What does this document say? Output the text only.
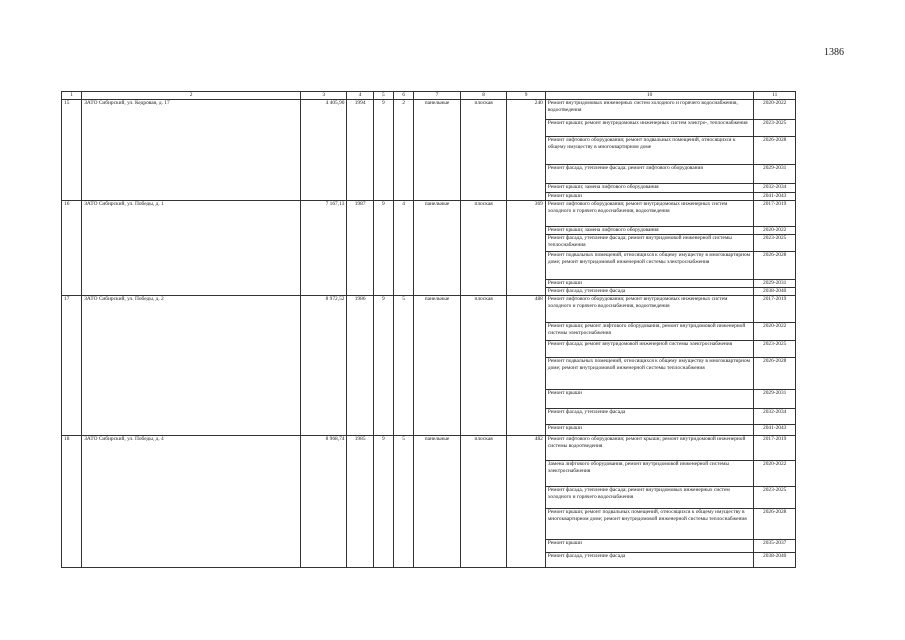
1386
1	2	3	4	5	6	7	8	9	10	11
15	ЗАТО Сибирский, ул. Кедровая, д. 17	4 405,90	1994	9	2	панельные	плоская	240	Ремонт внутридомовых инженерных систем холодного и горячего водоснабжения, водоотведения	2020-2022
									Ремонт крыши; ремонт внутридомовых инженерных систем электро-, теплоснабжения	2023-2025
									Ремонт лифтового оборудования; ремонт подвальных помещений, относящихся к общему имуществу в многоквартирном доме	2026-2028
									Ремонт фасада, утепление фасада; ремонт лифтового оборудования	2029-2031
									Ремонт крыши; замена лифтового оборудования	2032-2034
									Ремонт крыши	2041-2043
16	ЗАТО Сибирский, ул. Победы, д. 1	7 167,13	1987	9	4	панельные	плоская	369	Ремонт лифтового оборудования; ремонт внутридомовых инженерных систем холодного и горячего водоснабжения, водоотведения	2017-2019
									Ремонт крыши; замена лифтового оборудования	2020-2022
									Ремонт фасада, утепление фасада; ремонт внутридомовой инженерной системы теплоснабжения	2023-2025
									Ремонт подвальных помещений, относящихся к общему имуществу в многоквартирном доме; ремонт внутридомовой инженерной системы электроснабжения	2026-2028
									Ремонт крыши	2029-2031
									Ремонт фасада, утепление фасада	2038-2040
17	ЗАТО Сибирский, ул. Победы, д. 2	8 972,52	1986	9	5	панельные	плоская	488	Ремонт лифтового оборудования; ремонт внутридомовых инженерных систем холодного и горячего водоснабжения, водоотведения	2017-2019
									Ремонт крыши; ремонт лифтового оборудования, ремонт внутридомовой инженерной системы электроснабжения	2020-2022
									Ремонт фасада; ремонт внутридомовой инженерной системы электроснабжения	2023-2025
									Ремонт подвальных помещений, относящихся к общему имуществу в многоквартирном доме; ремонт внутридомовой инженерной системы теплоснабжения	2026-2028
									Ремонт крыши	2029-2031
									Ремонт фасада, утепление фасада	2032-2034
									Ремонт крыши	2041-2043
18	ЗАТО Сибирский, ул. Победы, д. 4	8 968,74	1985	9	5	панельные	плоская	482	Ремонт лифтового оборудования; ремонт крыши; ремонт внутридомовой инженерной системы водоотведения	2017-2019
									Замена лифтового оборудования, ремонт внутридомовой инженерной системы электроснабжения	2020-2022
									Ремонт фасада, утепление фасада; ремонт внутридомовых инженерных систем холодного и горячего водоснабжения	2023-2025
									Ремонт крыши; ремонт подвальных помещений, относящихся к общему имуществу в многоквартирном доме; ремонт внутридомовой инженерной системы теплоснабжения	2026-2028
									Ремонт крыши	2035-2037
									Ремонт фасада, утепление фасада	2038-2040
